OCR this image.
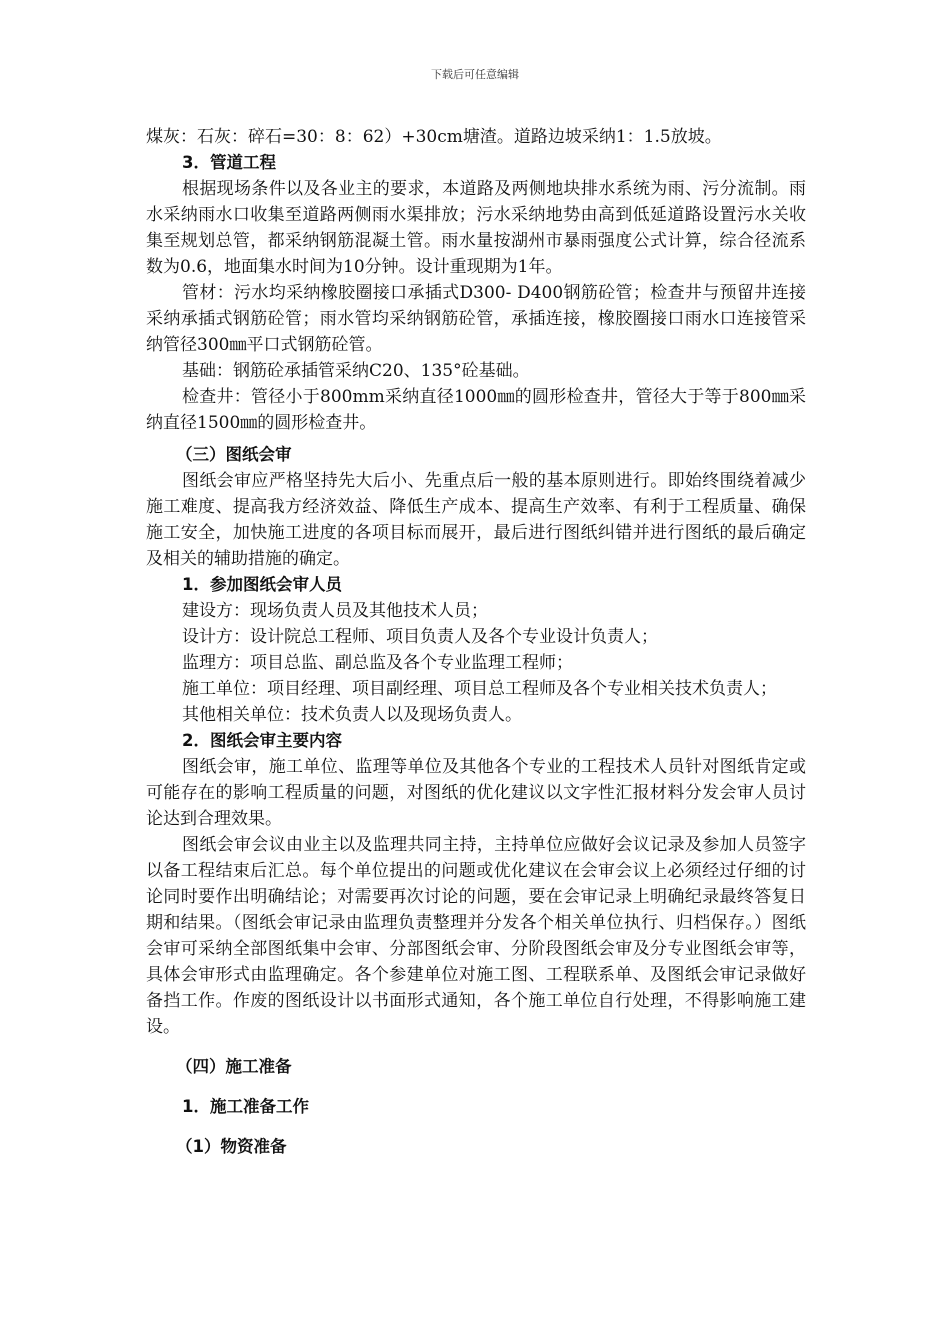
下载后可任意编辑

煤灰：石灰：碎石=30：8：62）+30cm塘渣。道路边坡采纳1：1.5放坡。

3．管道工程

根据现场条件以及各业主的要求，本道路及两侧地块排水系统为雨、污分流制。雨水采纳雨水口收集至道路两侧雨水渠排放；污水采纳地势由高到低延道路设置污水关收集至规划总管，都采纳钢筋混凝土管。雨水量按湖州市暴雨强度公式计算，综合径流系数为0.6，地面集水时间为10分钟。设计重现期为1年。

管材：污水均采纳橡胶圈接口承插式D300- D400钢筋砼管；检查井与预留井连接采纳承插式钢筋砼管；雨水管均采纳钢筋砼管，承插连接，橡胶圈接口雨水口连接管采纳管径300㎜平口式钢筋砼管。

基础：钢筋砼承插管采纳C20、135°砼基础。

检查井：管径小于800mm采纳直径1000㎜的圆形检查井，管径大于等于800㎜采纳直径1500㎜的圆形检查井。

（三）图纸会审

图纸会审应严格坚持先大后小、先重点后一般的基本原则进行。即始终围绕着减少施工难度、提高我方经济效益、降低生产成本、提高生产效率、有利于工程质量、确保施工安全，加快施工进度的各项目标而展开，最后进行图纸纠错并进行图纸的最后确定及相关的辅助措施的确定。

1．参加图纸会审人员

建设方：现场负责人员及其他技术人员；

设计方：设计院总工程师、项目负责人及各个专业设计负责人；

监理方：项目总监、副总监及各个专业监理工程师；

施工单位：项目经理、项目副经理、项目总工程师及各个专业相关技术负责人；

其他相关单位：技术负责人以及现场负责人。

2．图纸会审主要内容

图纸会审，施工单位、监理等单位及其他各个专业的工程技术人员针对图纸肯定或可能存在的影响工程质量的问题，对图纸的优化建议以文字性汇报材料分发会审人员讨论达到合理效果。

图纸会审会议由业主以及监理共同主持，主持单位应做好会议记录及参加人员签字以备工程结束后汇总。每个单位提出的问题或优化建议在会审会议上必须经过仔细的讨论同时要作出明确结论；对需要再次讨论的问题，要在会审记录上明确纪录最终答复日期和结果。（图纸会审记录由监理负责整理并分发各个相关单位执行、归档保存。）图纸会审可采纳全部图纸集中会审、分部图纸会审、分阶段图纸会审及分专业图纸会审等，具体会审形式由监理确定。各个参建单位对施工图、工程联系单、及图纸会审记录做好备挡工作。作废的图纸设计以书面形式通知，各个施工单位自行处理，不得影响施工建设。

（四）施工准备

1．施工准备工作

（1）物资准备
